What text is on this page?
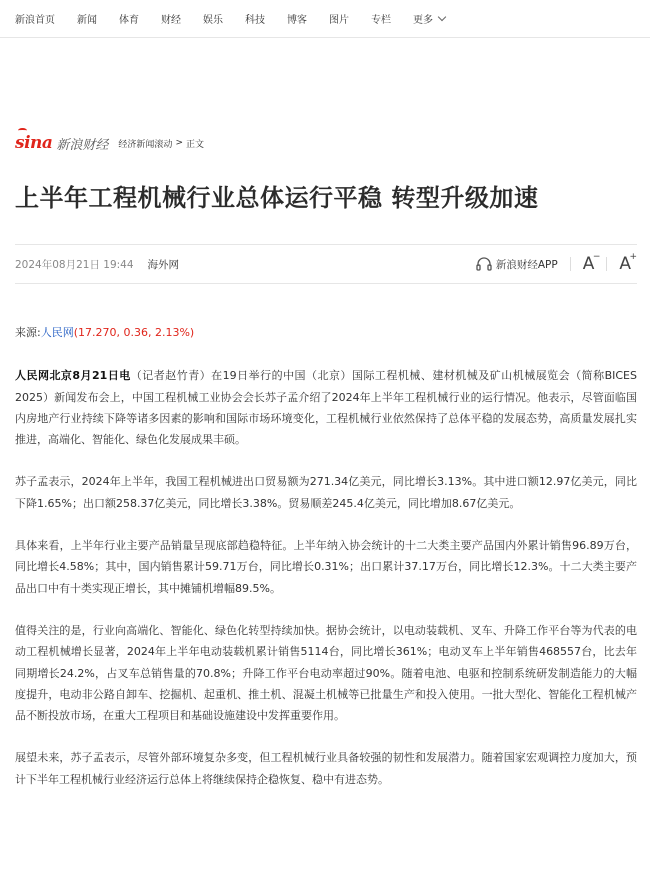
新浪首页 新闻 体育 财经 娱乐 科技 博客 图片 专栏 更多
sina 新浪财经 经济新闻滚动 > 正文
上半年工程机械行业总体运行平稳 转型升级加速
2024年08月21日 19:44 海外网	新浪财经APP A
− A
+

来源:人民网(17.270, 0.36, 2.13%)

人民网北京8月21日电（记者赵竹青）在19日举行的中国（北京）国际工程机械、建材机械及矿山机械展览会（简称BICES 2025）新闻发布会上，中国工程机械工业协会会长苏子孟介绍了2024年上半年工程机械行业的运行情况。他表示，尽管面临国内房地产行业持续下降等诸多因素的影响和国际市场环境变化，工程机械行业依然保持了总体平稳的发展态势，高质量发展扎实推进，高端化、智能化、绿色化发展成果丰硕。

苏子孟表示，2024年上半年，我国工程机械进出口贸易额为271.34亿美元，同比增长3.13%。其中进口额12.97亿美元，同比下降1.65%；出口额258.37亿美元，同比增长3.38%。贸易顺差245.4亿美元，同比增加8.67亿美元。

具体来看，上半年行业主要产品销量呈现底部趋稳特征。上半年纳入协会统计的十二大类主要产品国内外累计销售96.89万台，同比增长4.58%；其中，国内销售累计59.71万台，同比增长0.31%；出口累计37.17万台，同比增长12.3%。十二大类主要产品出口中有十类实现正增长，其中摊铺机增幅89.5%。

值得关注的是，行业向高端化、智能化、绿色化转型持续加快。据协会统计，以电动装载机、叉车、升降工作平台等为代表的电动工程机械增长显著，2024年上半年电动装载机累计销售5114台，同比增长361%；电动叉车上半年销售468557台，比去年同期增长24.2%，占叉车总销售量的70.8%；升降工作平台电动率超过90%。随着电池、电驱和控制系统研发制造能力的大幅度提升，电动非公路自卸车、挖掘机、起重机、推土机、混凝土机械等已批量生产和投入使用。一批大型化、智能化工程机械产品不断投放市场，在重大工程项目和基础设施建设中发挥重要作用。

展望未来，苏子孟表示，尽管外部环境复杂多变，但工程机械行业具备较强的韧性和发展潜力。随着国家宏观调控力度加大，预计下半年工程机械行业经济运行总体上将继续保持企稳恢复、稳中有进态势。
